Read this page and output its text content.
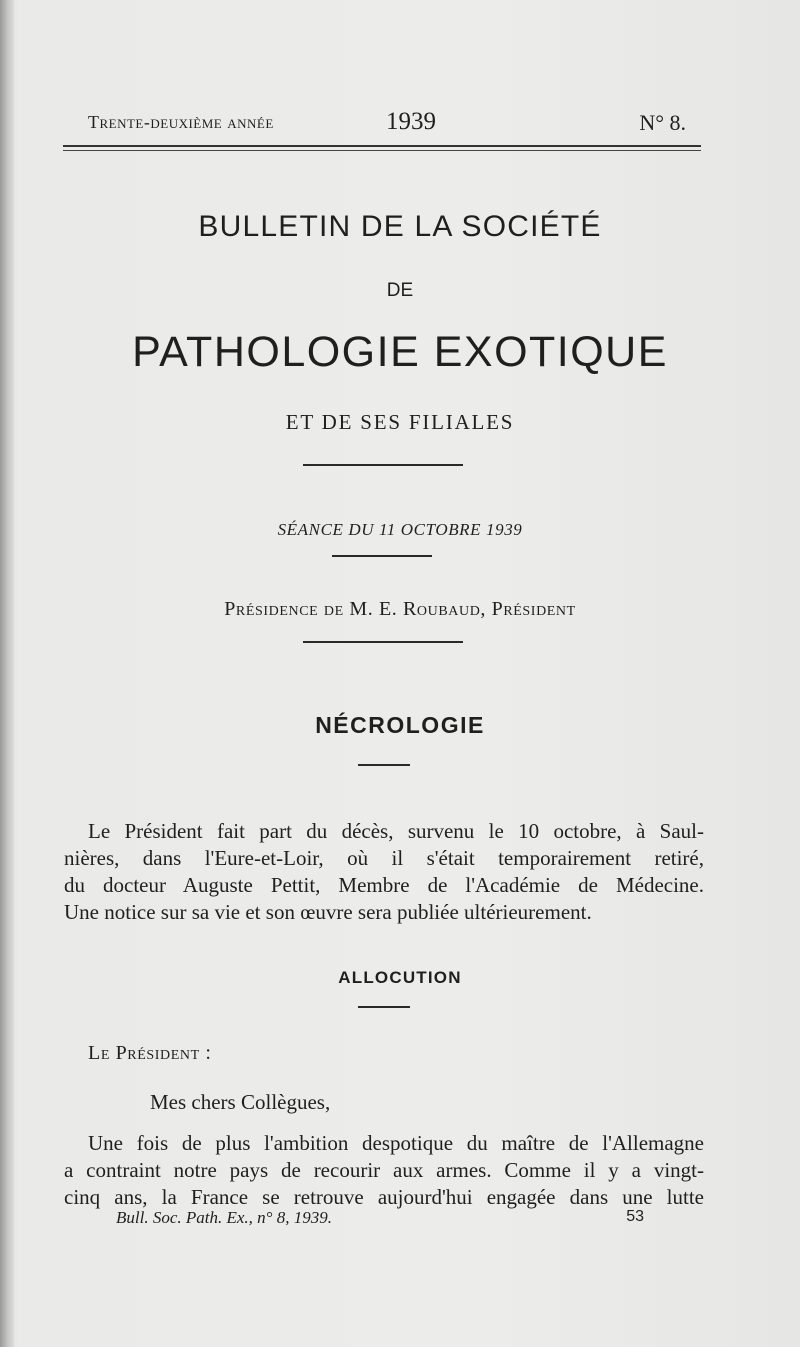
Trente-deuxième année	1939	N° 8.
BULLETIN DE LA SOCIÉTÉ
DE
PATHOLOGIE EXOTIQUE
ET DE SES FILIALES
SÉANCE DU 11 OCTOBRE 1939
Présidence de M. E. Roubaud, Président
NÉCROLOGIE
Le Président fait part du décès, survenu le 10 octobre, à Saul-
nières, dans l'Eure-et-Loir, où il s'était temporairement retiré,
du docteur Auguste Pettit, Membre de l'Académie de Médecine.
Une notice sur sa vie et son œuvre sera publiée ultérieurement.
ALLOCUTION
Le Président :
Mes chers Collègues,
Une fois de plus l'ambition despotique du maître de l'Allemagne
a contraint notre pays de recourir aux armes. Comme il y a vingt-
cinq ans, la France se retrouve aujourd'hui engagée dans une lutte
Bull. Soc. Path. Ex., n° 8, 1939.	53
